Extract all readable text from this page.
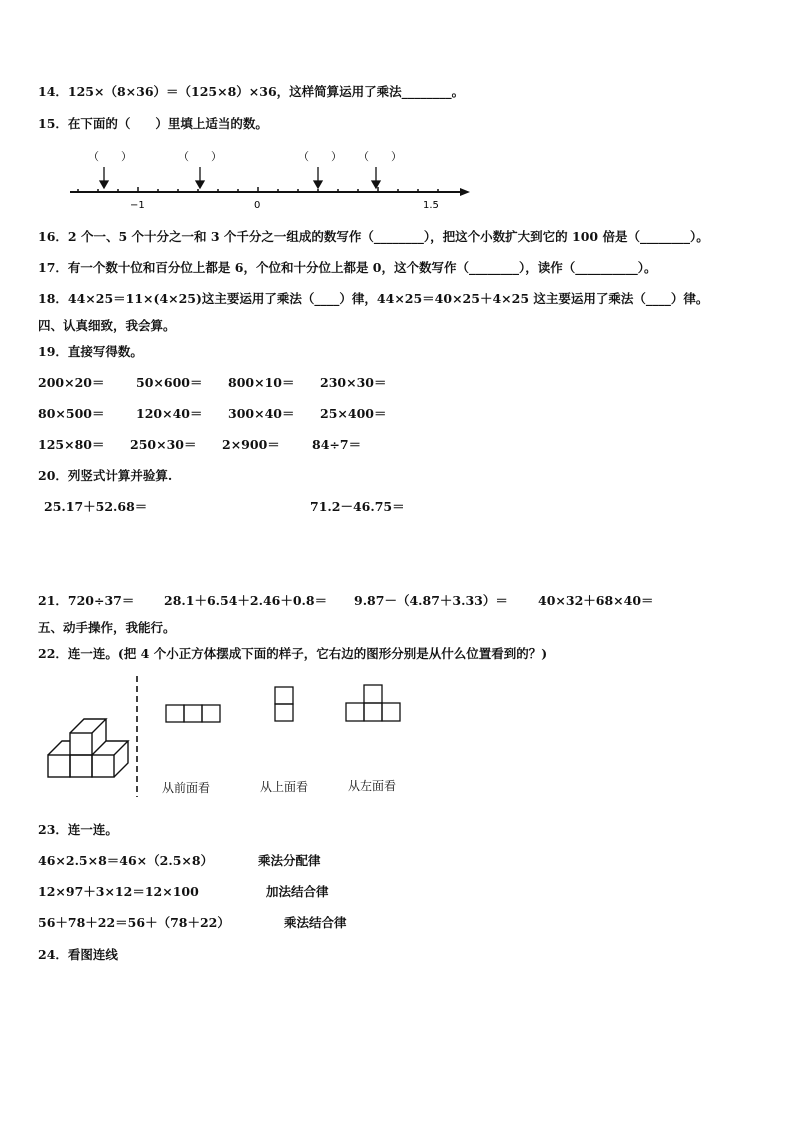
14．125×（8×36）＝（125×8）×36，这样简算运用了乘法________。
15．在下面的（　　）里填上适当的数。
（　　）	（　　）	（　　） （　　）
−1	0	1.5
16．2 个一、5 个十分之一和 3 个千分之一组成的数写作（________），把这个小数扩大到它的 100 倍是（________）。
17．有一个数十位和百分位上都是 6，个位和十分位上都是 0，这个数写作（________），读作（__________）。
18．44×25＝11×(4×25)这主要运用了乘法（____）律，44×25＝40×25＋4×25 这主要运用了乘法（____）律。
四、认真细致，我会算。
19．直接写得数。
200×20＝	50×600＝ 800×10＝ 230×30＝
80×500＝	120×40＝ 300×40＝ 25×400＝
125×80＝ 250×30＝ 2×900＝	84÷7＝
20．列竖式计算并验算.
25.17＋52.68＝	71.2－46.75＝
21．720÷37＝ 28.1＋6.54＋2.46＋0.8＝ 9.87－（4.87＋3.33）＝ 40×32＋68×40＝
五、动手操作，我能行。
22．连一连。(把 4 个小正方体摆成下面的样子，它右边的图形分别是从什么位置看到的？)
从前面看	从上面看	从左面看
23．连一连。
46×2.5×8＝46×（2.5×8）	乘法分配律
12×97＋3×12＝12×100	加法结合律
56＋78＋22＝56＋（78＋22）	乘法结合律
24．看图连线
